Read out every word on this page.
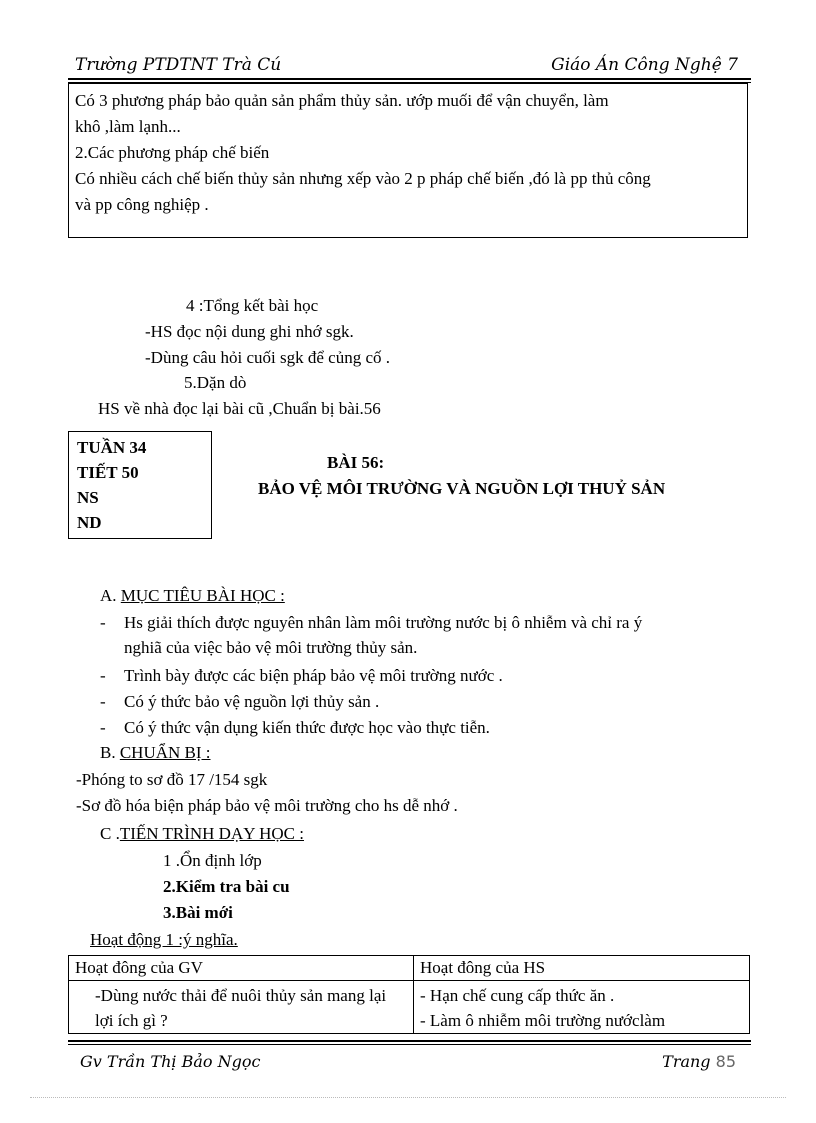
Trường PTDTNT Trà Cú	Giáo Án Công Nghệ 7

Có 3 phương pháp bảo quản sản phẩm thủy sản. ướp muối để vận chuyển, làm

khô ,làm lạnh...

2.Các phương pháp chế biến

Có nhiều cách chế biến thủy sản nhưng xếp vào 2 p pháp chế biến ,đó là pp thủ công

và pp công nghiệp .

4 :Tổng kết bài học
-HS đọc nội dung ghi nhớ sgk.
-Dùng câu hỏi cuối sgk để củng cố .
5.Dặn dò
HS về nhà đọc lại bài cũ ,Chuẩn bị bài.56
TUẦN 34
TIẾT 50
NS
ND
BÀI 56:
BẢO VỆ MÔI TRƯỜNG VÀ NGUỒN LỢI THUỶ SẢN
A. MỤC TIÊU BÀI HỌC :
- Hs giải thích được nguyên nhân làm môi trường nước bị ô nhiễm và chỉ ra ý
nghiã của việc bảo vệ môi trường thủy sản.
- Trình bày được các biện pháp bảo vệ môi trường nước .
- Có ý thức bảo vệ nguồn lợi thủy sản .
- Có ý thức vận dụng kiến thức được học vào thực tiễn.
B. CHUẨN BỊ :
-Phóng to sơ đồ 17 /154 sgk
-Sơ đồ hóa biện pháp bảo vệ môi trường cho hs dễ nhớ .
C .TIẾN TRÌNH DẠY HỌC :
1 .Ổn định lớp
2.Kiểm tra bài cu
3.Bài mới
Hoạt động 1 :ý nghĩa.
Hoạt đông của GV	Hoạt đông của HS
-Dùng nước thải để nuôi thủy sản mang lại lợi ích gì ?	- Hạn chế cung cấp thức ăn .
- Làm ô nhiễm môi trường nướclàm
Gv Trần Thị Bảo Ngọc	Trang 85
